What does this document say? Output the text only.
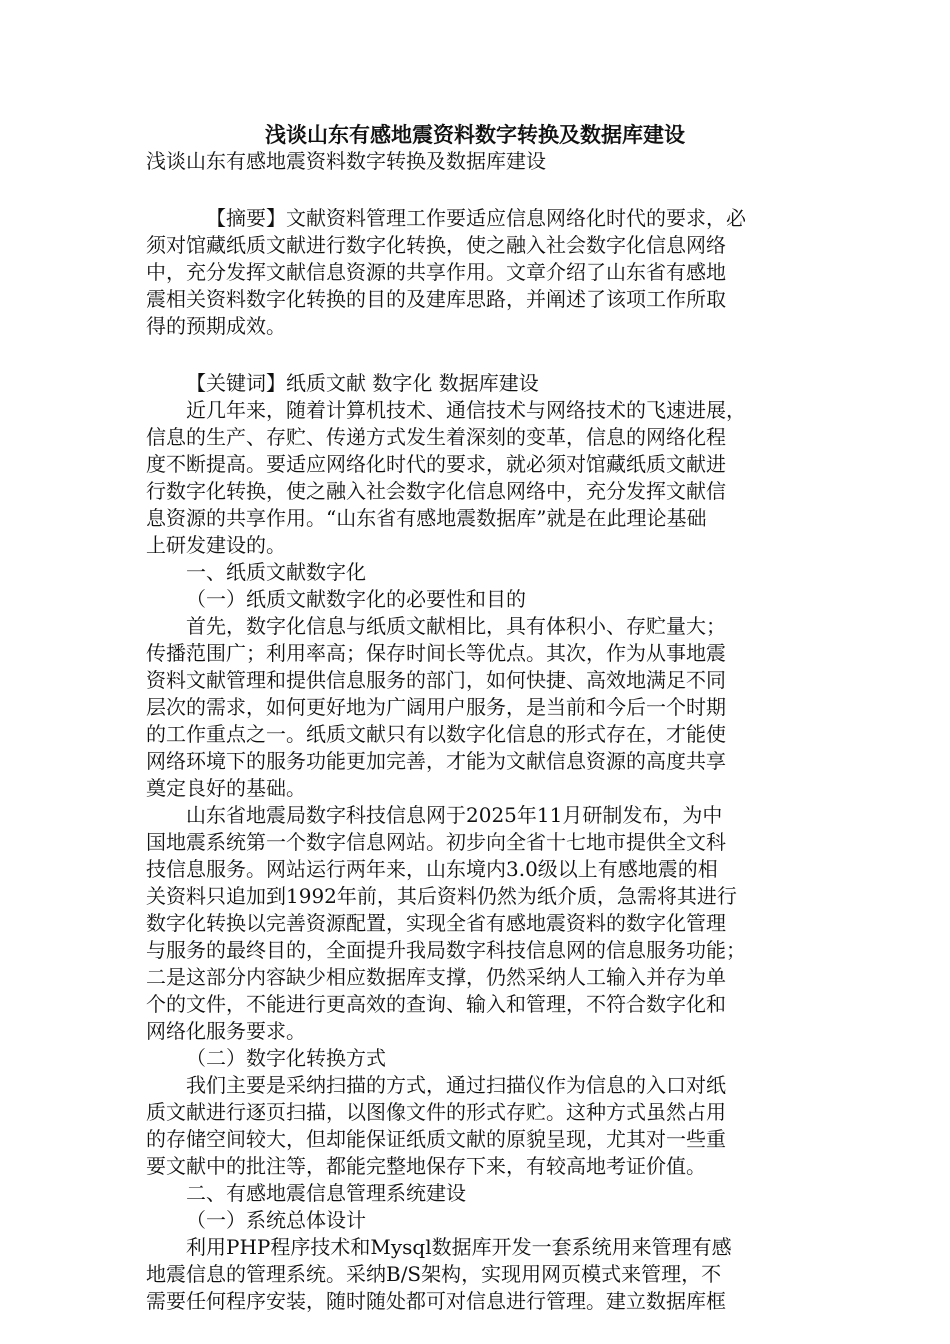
浅谈山东有感地震资料数字转换及数据库建设
浅谈山东有感地震资料数字转换及数据库建设
【摘要】文献资料管理工作要适应信息网络化时代的要求，必
须对馆藏纸质文献进行数字化转换，使之融入社会数字化信息网络
中，充分发挥文献信息资源的共享作用。文章介绍了山东省有感地
震相关资料数字化转换的目的及建库思路，并阐述了该项工作所取
得的预期成效。
【关键词】纸质文献 数字化 数据库建设
近几年来，随着计算机技术、通信技术与网络技术的飞速进展，
信息的生产、存贮、传递方式发生着深刻的变革，信息的网络化程
度不断提高。要适应网络化时代的要求，就必须对馆藏纸质文献进
行数字化转换，使之融入社会数字化信息网络中，充分发挥文献信
息资源的共享作用。“山东省有感地震数据库”就是在此理论基础
上研发建设的。
一、纸质文献数字化
（一）纸质文献数字化的必要性和目的
首先，数字化信息与纸质文献相比，具有体积小、存贮量大；
传播范围广；利用率高；保存时间长等优点。其次，作为从事地震
资料文献管理和提供信息服务的部门，如何快捷、高效地满足不同
层次的需求，如何更好地为广阔用户服务，是当前和今后一个时期
的工作重点之一。纸质文献只有以数字化信息的形式存在，才能使
网络环境下的服务功能更加完善，才能为文献信息资源的高度共享
奠定良好的基础。
山东省地震局数字科技信息网于2025年11月研制发布，为中
国地震系统第一个数字信息网站。初步向全省十七地市提供全文科
技信息服务。网站运行两年来，山东境内3.0级以上有感地震的相
关资料只追加到1992年前，其后资料仍然为纸介质，急需将其进行
数字化转换以完善资源配置，实现全省有感地震资料的数字化管理
与服务的最终目的，全面提升我局数字科技信息网的信息服务功能；
二是这部分内容缺少相应数据库支撑，仍然采纳人工输入并存为单
个的文件，不能进行更高效的查询、输入和管理，不符合数字化和
网络化服务要求。
（二）数字化转换方式
我们主要是采纳扫描的方式，通过扫描仪作为信息的入口对纸
质文献进行逐页扫描，以图像文件的形式存贮。这种方式虽然占用
的存储空间较大，但却能保证纸质文献的原貌呈现，尤其对一些重
要文献中的批注等，都能完整地保存下来，有较高地考证价值。
二、有感地震信息管理系统建设
（一）系统总体设计
利用PHP程序技术和Mysql数据库开发一套系统用来管理有感
地震信息的管理系统。采纳B/S架构，实现用网页模式来管理，不
需要任何程序安装，随时随处都可对信息进行管理。建立数据库框
